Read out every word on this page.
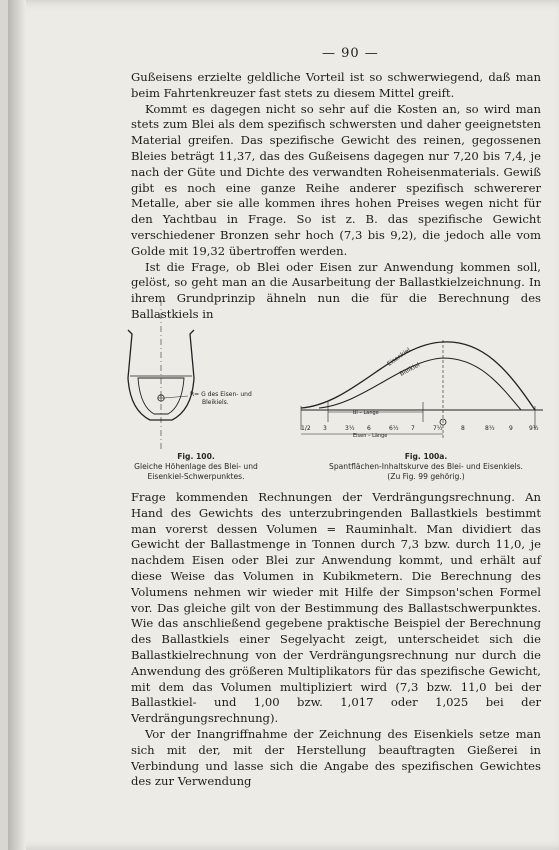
— 90 —

Gußeisens erzielte geldliche Vorteil ist so schwerwiegend, daß man beim Fahrtenkreuzer fast stets zu diesem Mittel greift.

Kommt es dagegen nicht so sehr auf die Kosten an, so wird man stets zum Blei als dem spezifisch schwersten und daher geeignetsten Material greifen. Das spezifische Gewicht des reinen, gegossenen Bleies beträgt 11,37, das des Gußeisens dagegen nur 7,20 bis 7,4, je nach der Güte und Dichte des verwandten Roheisenmaterials. Gewiß gibt es noch eine ganze Reihe anderer spezifisch schwererer Metalle, aber sie alle kommen ihres hohen Preises wegen nicht für den Yachtbau in Frage. So ist z. B. das spezifische Gewicht verschiedener Bronzen sehr hoch (7,3 bis 9,2), die jedoch alle vom Golde mit 19,32 übertroffen werden.

Ist die Frage, ob Blei oder Eisen zur Anwendung kommen soll, gelöst, so geht man an die Ausarbeitung der Ballastkielzeichnung. In ihrem Grundprinzip ähneln nun die für die Berechnung des Ballastkiels in

R= G des Eisen- und
Bleikiels.
Eisenkiel
Bleikiel
Bl – Länge
Eisen – Länge
1/2 3	3½ 6	6½ 7	7½	8	8½ 9	9½
Fig. 100.
Gleiche Höhenlage des Blei- und Eisenkiel-Schwerpunktes.
Fig. 100a.
Spantflächen-Inhaltskurve des Blei- und Eisenkiels.
(Zu Fig. 99 gehörig.)

Frage kommenden Rechnungen der Verdrängungsrechnung. An Hand des Gewichts des unterzubringenden Ballastkiels bestimmt man vorerst dessen Volumen = Rauminhalt. Man dividiert das Gewicht der Ballastmenge in Tonnen durch 7,3 bzw. durch 11,0, je nachdem Eisen oder Blei zur Anwendung kommt, und erhält auf diese Weise das Volumen in Kubikmetern. Die Berechnung des Volumens nehmen wir wieder mit Hilfe der Simpson'schen Formel vor. Das gleiche gilt von der Bestimmung des Ballastschwerpunktes. Wie das anschließend gegebene praktische Beispiel der Berechnung des Ballastkiels einer Segelyacht zeigt, unterscheidet sich die Ballastkielrechnung von der Verdrängungsrechnung nur durch die Anwendung des größeren Multiplikators für das spezifische Gewicht, mit dem das Volumen multipliziert wird (7,3 bzw. 11,0 bei der Ballastkiel- und 1,00 bzw. 1,017 oder 1,025 bei der Verdrängungsrechnung).

Vor der Inangriffnahme der Zeichnung des Eisenkiels setze man sich mit der, mit der Herstellung beauftragten Gießerei in Verbindung und lasse sich die Angabe des spezifischen Gewichtes des zur Verwendung
